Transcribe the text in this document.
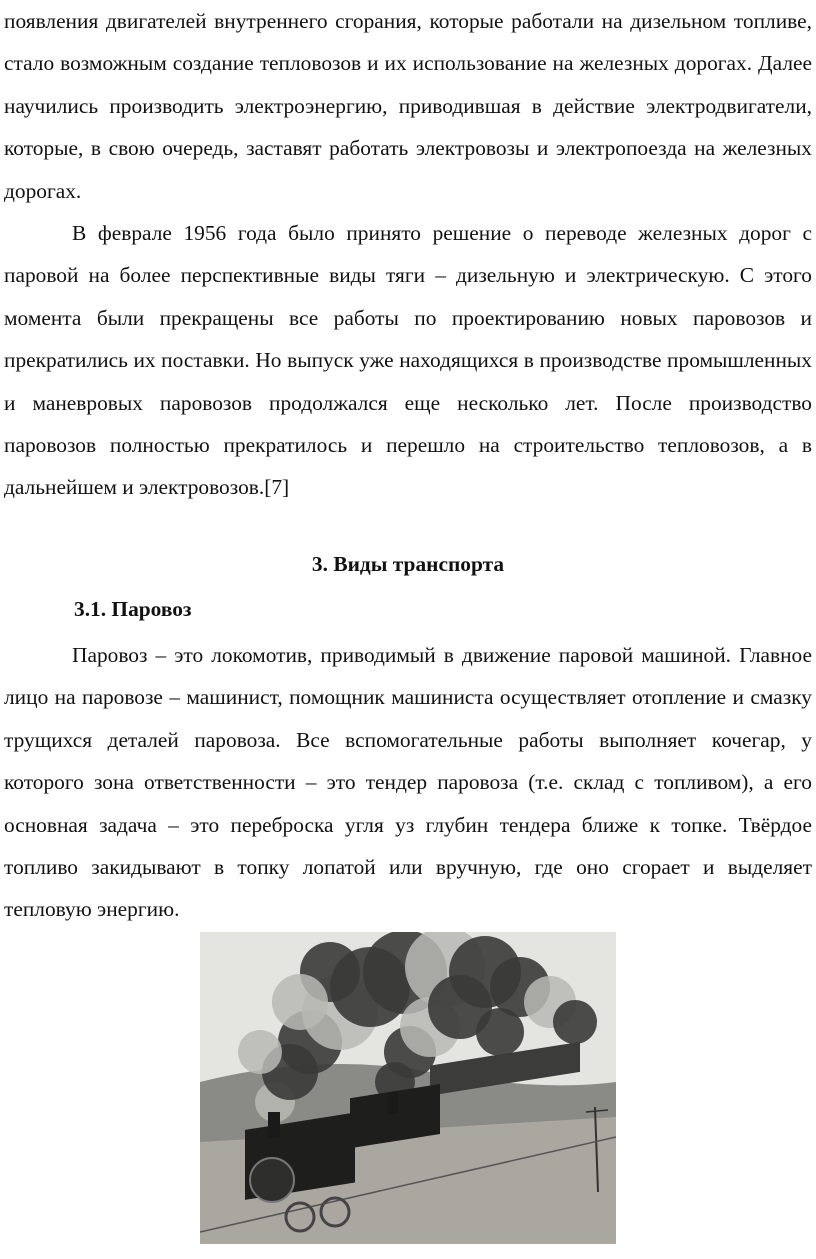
появления двигателей внутреннего сгорания, которые работали на дизельном топливе, стало возможным создание тепловозов и их использование на железных дорогах. Далее научились производить электроэнергию, приводившая в действие электродвигатели, которые, в свою очередь, заставят работать электровозы и электропоезда на железных дорогах.

В феврале 1956 года было принято решение о переводе железных дорог с паровой на более перспективные виды тяги – дизельную и электрическую. С этого момента были прекращены все работы по проектированию новых паровозов и прекратились их поставки. Но выпуск уже находящихся в производстве промышленных и маневровых паровозов продолжался еще несколько лет. После производство паровозов полностью прекратилось и перешло на строительство тепловозов, а в дальнейшем и электровозов.[7]

3. Виды транспорта
3.1. Паровоз

Паровоз – это локомотив, приводимый в движение паровой машиной. Главное лицо на паровозе – машинист, помощник машиниста осуществляет отопление и смазку трущихся деталей паровоза. Все вспомогательные работы выполняет кочегар, у которого зона ответственности – это тендер паровоза (т.е. склад с топливом), а его основная задача – это переброска угля уз глубин тендера ближе к топке. Твёрдое топливо закидывают в топку лопатой или вручную, где оно сгорает и выделяет тепловую энергию.
